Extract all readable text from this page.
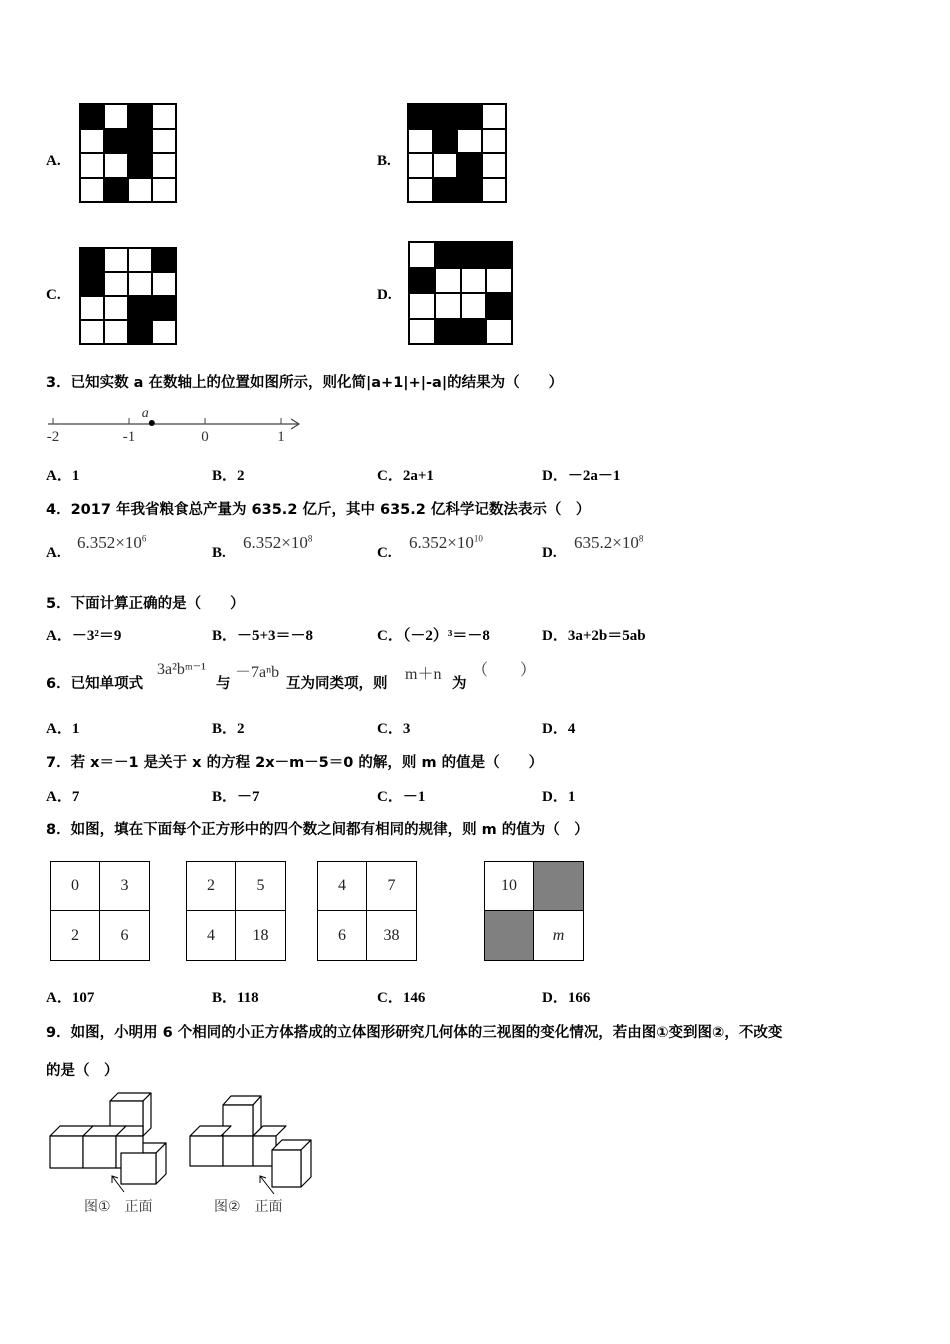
A.	B.
C.	D.
3．已知实数 a 在数轴上的位置如图所示，则化简|a+1|+|-a|的结果为（　　）
-2	-1	0	1
a
A．1	B．2	C．2a+1	D．－2a－1
4．2017 年我省粮食总产量为 635.2 亿斤，其中 635.2 亿科学记数法表示（　）
A.
$6.352\times 10^6$
B.
$6.352\times 10^8$
C.
$6.352\times 10^{10}$
D.
$635.2\times 10^8$
5．下面计算正确的是（　　）
A．－3²＝9	B．－5+3＝－8	C．（－2）³＝－8	D．3a+2b＝5ab
6．已知单项式
3a²bᵐ⁻¹
与
－7aⁿb
互为同类项，则
m＋n
为
（　　）
A．1	B．2	C．3	D．4
7．若 x＝－1 是关于 x 的方程 2x－m－5＝0 的解，则 m 的值是（　　）
A．7	B．－7	C．－1	D．1
8．如图，填在下面每个正方形中的四个数之间都有相同的规律，则 m 的值为（　）
0	3
2	6
2	5
4	18
4	7
6	38
10
m
A．107	B．118	C．146	D．166
9．如图，小明用 6 个相同的小正方体搭成的立体图形研究几何体的三视图的变化情况，若由图①变到图②，不改变
的是（　）
图①　正面	图②　正面
